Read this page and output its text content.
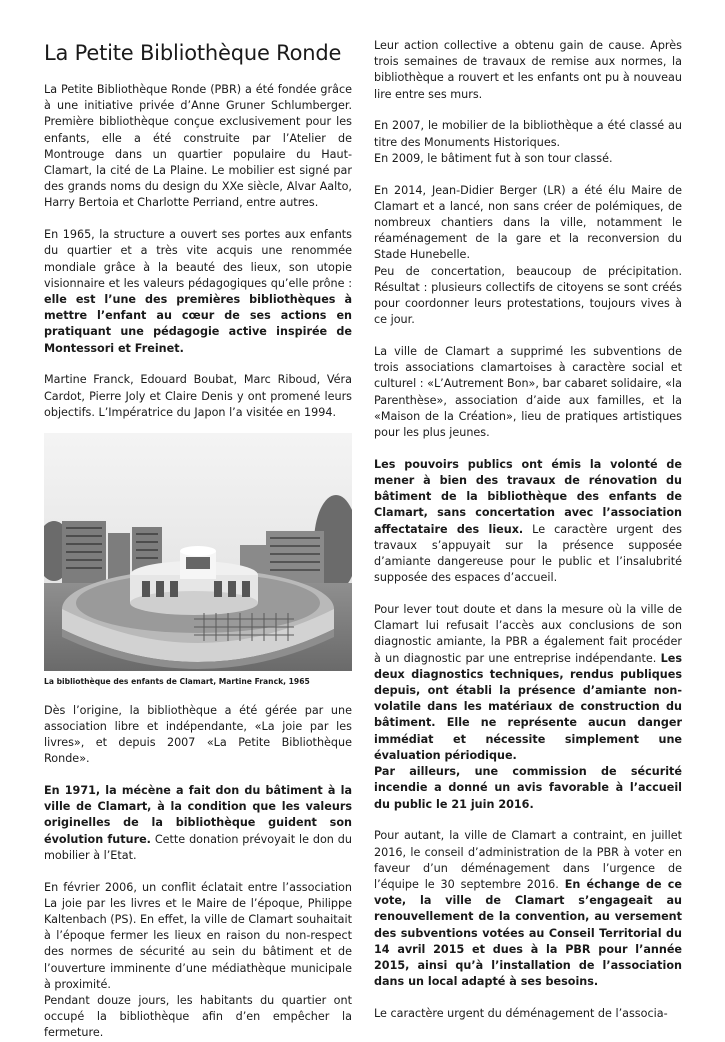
La Petite Bibliothèque Ronde

La Petite Bibliothèque Ronde (PBR) a été fondée grâce à une initiative privée d’Anne Gruner Schlumberger. Première bibliothèque conçue exclusivement pour les enfants, elle a été construite par l’Atelier de Montrouge dans un quartier populaire du Haut-Clamart, la cité de La Plaine. Le mobilier est signé par des grands noms du design du XXe siècle, Alvar Aalto, Harry Bertoia et Charlotte Perriand, entre autres.

En 1965, la structure a ouvert ses portes aux enfants du quartier et a très vite acquis une renommée mondiale grâce à la beauté des lieux, son utopie visionnaire et les valeurs pédagogiques qu’elle prône : elle est l’une des premières bibliothèques à mettre l’enfant au cœur de ses actions en pratiquant une pédagogie active inspirée de Montessori et Freinet.

Martine Franck, Edouard Boubat, Marc Riboud, Véra Cardot, Pierre Joly et Claire Denis y ont promené leurs objectifs. L’Impératrice du Japon l’a visitée en 1994.

La bibliothèque des enfants de Clamart, Martine Franck, 1965

Dès l’origine, la bibliothèque a été gérée par une association libre et indépendante, «La joie par les livres», et depuis 2007 «La Petite Bibliothèque Ronde».

En 1971, la mécène a fait don du bâtiment à la ville de Clamart, à la condition que les valeurs originelles de la bibliothèque guident son évolution future. Cette donation prévoyait le don du mobilier à l’Etat.

En février 2006, un conflit éclatait entre l’association La joie par les livres et le Maire de l’époque, Philippe Kaltenbach (PS). En effet, la ville de Clamart souhaitait à l’époque fermer les lieux en raison du non-respect des normes de sécurité au sein du bâtiment et de l’ouverture imminente d’une médiathèque municipale à proximité.

Pendant douze jours, les habitants du quartier ont occupé la bibliothèque afin d’en empêcher la fermeture.

Leur action collective a obtenu gain de cause. Après trois semaines de travaux de remise aux normes, la bibliothèque a rouvert et les enfants ont pu à nouveau lire entre ses murs.

En 2007, le mobilier de la bibliothèque a été classé au titre des Monuments Historiques.

En 2009, le bâtiment fut à son tour classé.

En 2014, Jean-Didier Berger (LR) a été élu Maire de Clamart et a lancé, non sans créer de polémiques, de nombreux chantiers dans la ville, notamment le réaménagement de la gare et la reconversion du Stade Hunebelle.

Peu de concertation, beaucoup de précipitation. Résultat : plusieurs collectifs de citoyens se sont créés pour coordonner leurs protestations, toujours vives à ce jour.

La ville de Clamart a supprimé les subventions de trois associations clamartoises à caractère social et culturel : «L’Autrement Bon», bar cabaret solidaire, «la Parenthèse», association d’aide aux familles, et la «Maison de la Création», lieu de pratiques artistiques pour les plus jeunes.

Les pouvoirs publics ont émis la volonté de mener à bien des travaux de rénovation du bâtiment de la bibliothèque des enfants de Clamart, sans concertation avec l’association affectataire des lieux. Le caractère urgent des travaux s’appuyait sur la présence supposée d’amiante dangereuse pour le public et l’insalubrité supposée des espaces d’accueil.

Pour lever tout doute et dans la mesure où la ville de Clamart lui refusait l’accès aux conclusions de son diagnostic amiante, la PBR a également fait procéder à un diagnostic par une entreprise indépendante. Les deux diagnostics techniques, rendus publiques depuis, ont établi la présence d’amiante non-volatile dans les matériaux de construction du bâtiment. Elle ne représente aucun danger immédiat et nécessite simplement une évaluation périodique.

Par ailleurs, une commission de sécurité incendie a donné un avis favorable à l’accueil du public le 21 juin 2016.

Pour autant, la ville de Clamart a contraint, en juillet 2016, le conseil d’administration de la PBR à voter en faveur d’un déménagement dans l’urgence de l’équipe le 30 septembre 2016. En échange de ce vote, la ville de Clamart s’engageait au renouvellement de la convention, au versement des subventions votées au Conseil Territorial du 14 avril 2015 et dues à la PBR pour l’année 2015, ainsi qu’à l’installation de l’association dans un local adapté à ses besoins.

Le caractère urgent du déménagement de l’associa-
